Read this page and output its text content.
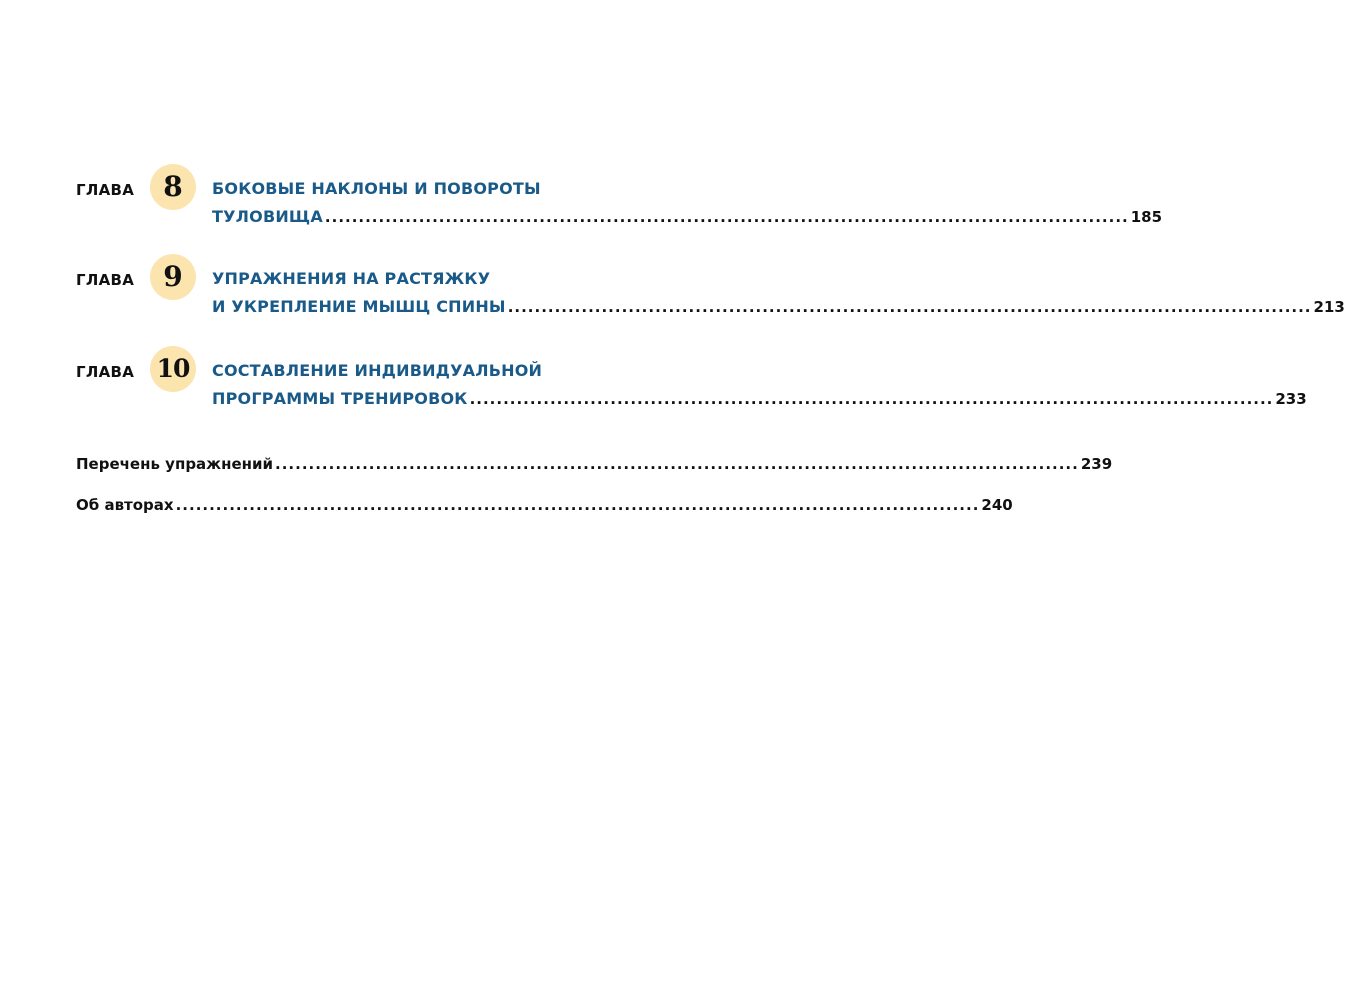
ГЛАВА	8	БОКОВЫЕ НАКЛОНЫ И ПОВОРОТЫ
ТУЛОВИЩА ........................................................................................................................ 185
ГЛАВА	9	УПРАЖНЕНИЯ НА РАСТЯЖКУ
И УКРЕПЛЕНИЕ МЫШЦ СПИНЫ ........................................................................................................................ 213
ГЛАВА 10	СОСТАВЛЕНИЕ ИНДИВИДУАЛЬНОЙ
ПРОГРАММЫ ТРЕНИРОВОК ........................................................................................................................ 233
Перечень упражнений ........................................................................................................................ 239
Об авторах ........................................................................................................................ 240
